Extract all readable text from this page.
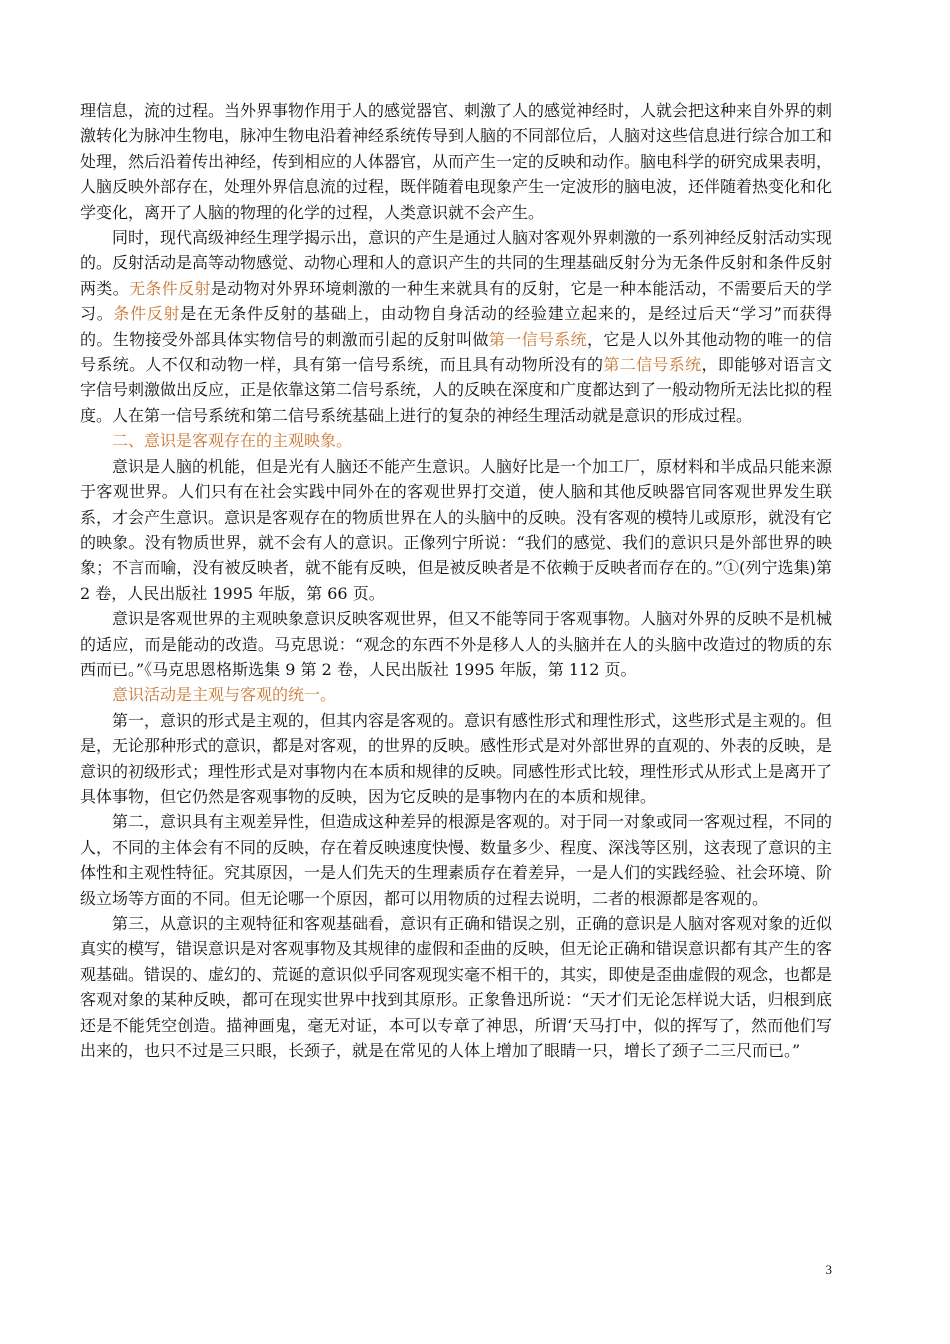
理信息，流的过程。当外界事物作用于人的感觉器官、刺激了人的感觉神经时，人就会把这种来自外界的刺激转化为脉冲生物电，脉冲生物电沿着神经系统传导到人脑的不同部位后，人脑对这些信息进行综合加工和处理，然后沿着传出神经，传到相应的人体器官，从而产生一定的反映和动作。脑电科学的研究成果表明，人脑反映外部存在，处理外界信息流的过程，既伴随着电现象产生一定波形的脑电波，还伴随着热变化和化学变化，离开了人脑的物理的化学的过程，人类意识就不会产生。

同时，现代高级神经生理学揭示出，意识的产生是通过人脑对客观外界刺激的一系列神经反射活动实现的。反射活动是高等动物感觉、动物心理和人的意识产生的共同的生理基础反射分为无条件反射和条件反射两类。无条件反射是动物对外界环境刺激的一种生来就具有的反射，它是一种本能活动，不需要后天的学习。条件反射是在无条件反射的基础上，由动物自身活动的经验建立起来的，是经过后天“学习”而获得的。生物接受外部具体实物信号的刺激而引起的反射叫做第一信号系统，它是人以外其他动物的唯一的信号系统。人不仅和动物一样，具有第一信号系统，而且具有动物所没有的第二信号系统，即能够对语言文字信号刺激做出反应，正是依靠这第二信号系统，人的反映在深度和广度都达到了一般动物所无法比拟的程度。人在第一信号系统和第二信号系统基础上进行的复杂的神经生理活动就是意识的形成过程。

二、意识是客观存在的主观映象。

意识是人脑的机能，但是光有人脑还不能产生意识。人脑好比是一个加工厂，原材料和半成品只能来源于客观世界。人们只有在社会实践中同外在的客观世界打交道，使人脑和其他反映器官同客观世界发生联系，才会产生意识。意识是客观存在的物质世界在人的头脑中的反映。没有客观的模特儿或原形，就没有它的映象。没有物质世界，就不会有人的意识。正像列宁所说：“我们的感觉、我们的意识只是外部世界的映象；不言而喻，没有被反映者，就不能有反映，但是被反映者是不依赖于反映者而存在的。”①(列宁选集)第 2 卷，人民出版社 1995 年版，第 66 页。

意识是客观世界的主观映象意识反映客观世界，但又不能等同于客观事物。人脑对外界的反映不是机械的适应，而是能动的改造。马克思说：“观念的东西不外是移人人的头脑并在人的头脑中改造过的物质的东西而已。”《马克思恩格斯选集 9 第 2 卷，人民出版社 1995 年版，第 112 页。

意识活动是主观与客观的统一。

第一，意识的形式是主观的，但其内容是客观的。意识有感性形式和理性形式，这些形式是主观的。但是，无论那种形式的意识，都是对客观，的世界的反映。感性形式是对外部世界的直观的、外表的反映，是意识的初级形式；理性形式是对事物内在本质和规律的反映。同感性形式比较，理性形式从形式上是离开了具体事物，但它仍然是客观事物的反映，因为它反映的是事物内在的本质和规律。

第二，意识具有主观差异性，但造成这种差异的根源是客观的。对于同一对象或同一客观过程，不同的人，不同的主体会有不同的反映，存在着反映速度快慢、数量多少、程度、深浅等区别，这表现了意识的主体性和主观性特征。究其原因，一是人们先天的生理素质存在着差异，一是人们的实践经验、社会环境、阶级立场等方面的不同。但无论哪一个原因，都可以用物质的过程去说明，二者的根源都是客观的。

第三，从意识的主观特征和客观基础看，意识有正确和错误之别，正确的意识是人脑对客观对象的近似真实的模写，错误意识是对客观事物及其规律的虚假和歪曲的反映，但无论正确和错误意识都有其产生的客观基础。错误的、虚幻的、荒诞的意识似乎同客观现实毫不相干的，其实，即使是歪曲虚假的观念，也都是客观对象的某种反映，都可在现实世界中找到其原形。正象鲁迅所说：“天才们无论怎样说大话，归根到底还是不能凭空创造。描神画鬼，毫无对证，本可以专章了神思，所谓‘天马打中，似的挥写了，然而他们写出来的，也只不过是三只眼，长颈子，就是在常见的人体上增加了眼睛一只，增长了颈子二三尺而已。”

3
